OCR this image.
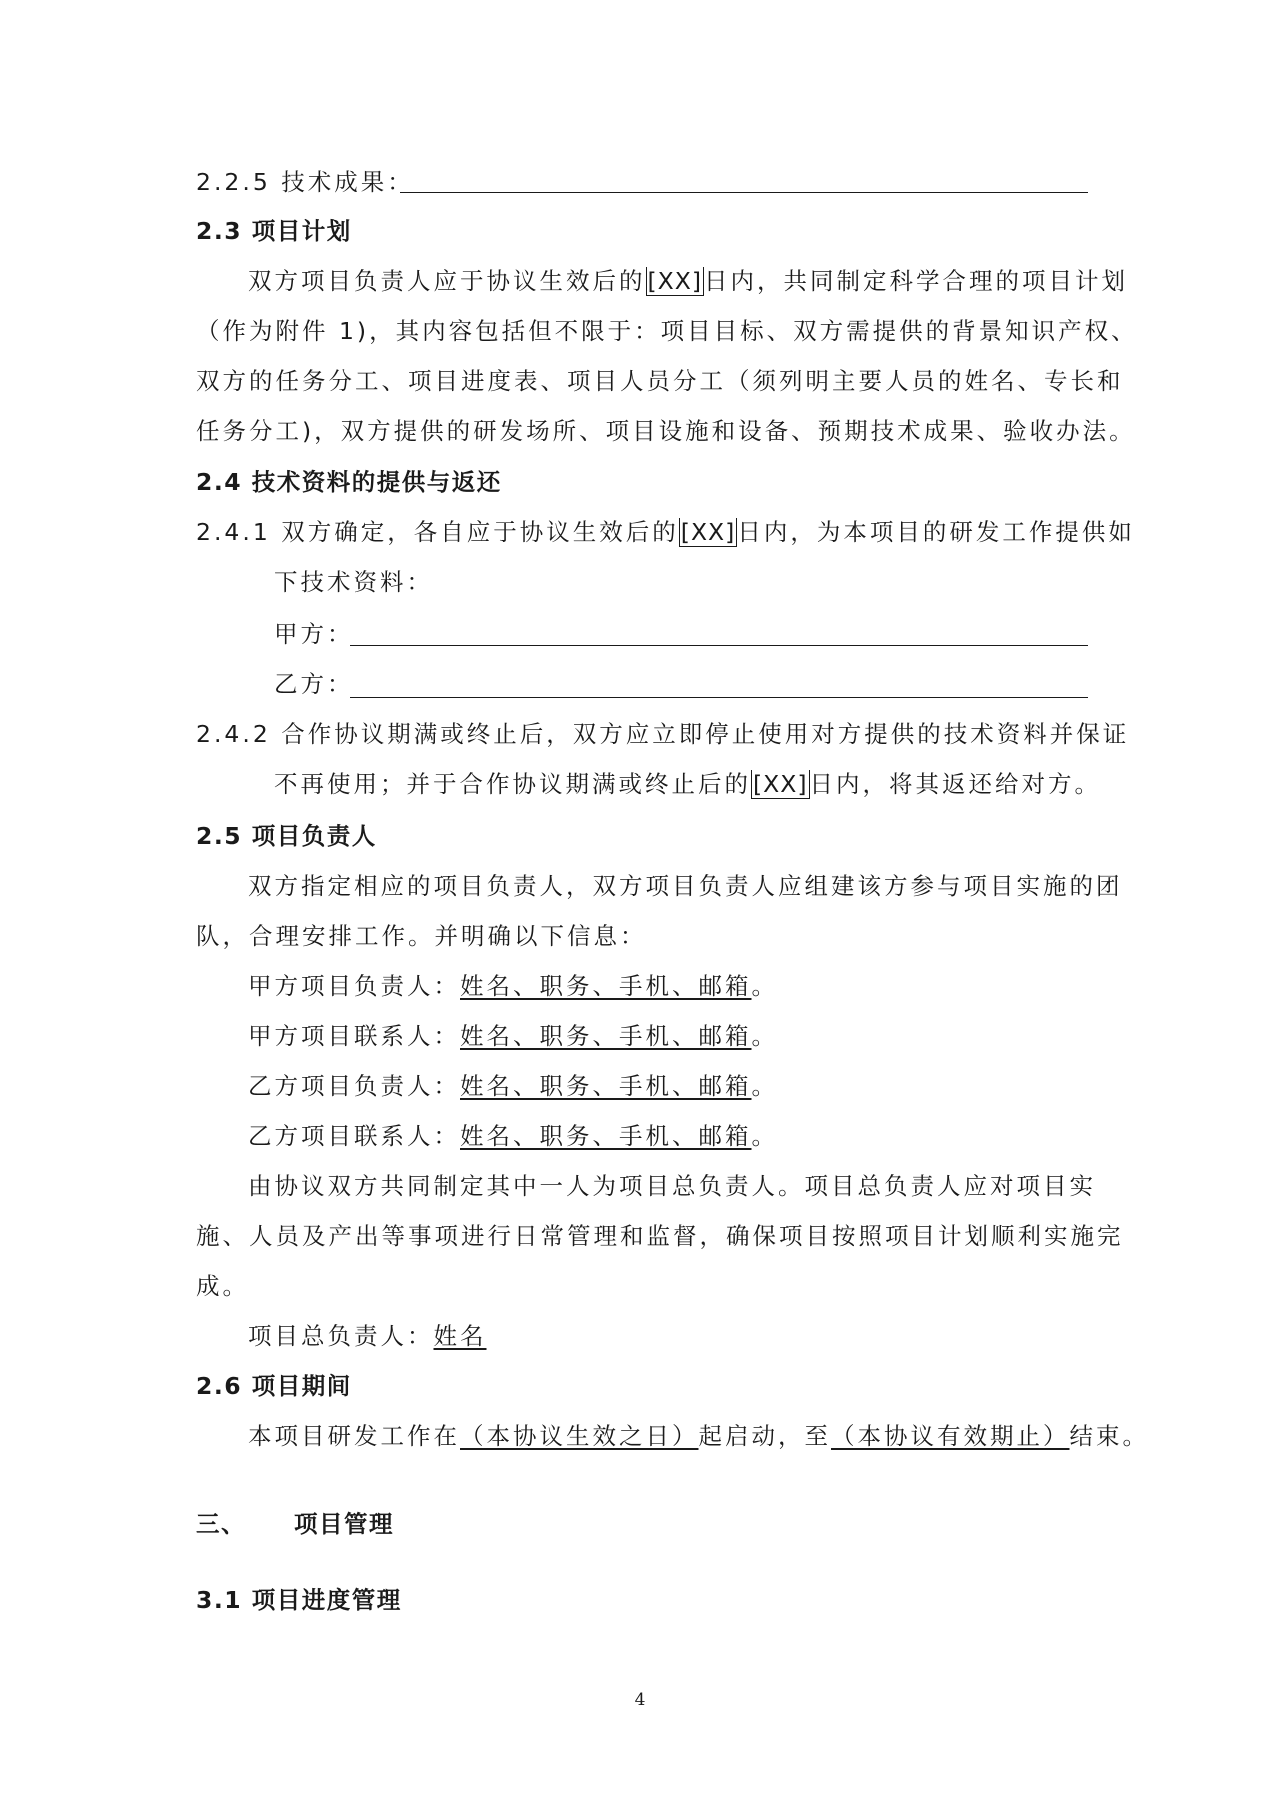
2.2.5 技术成果：
2.3 项目计划
双方项目负责人应于协议生效后的[XX]日内，共同制定科学合理的项目计划
（作为附件 1)，其内容包括但不限于：项目目标、双方需提供的背景知识产权、
双方的任务分工、项目进度表、项目人员分工（须列明主要人员的姓名、专长和
任务分工)，双方提供的研发场所、项目设施和设备、预期技术成果、验收办法。
2.4 技术资料的提供与返还
2.4.1 双方确定，各自应于协议生效后的[XX]日内，为本项目的研发工作提供如
下技术资料：
甲方：
乙方：
2.4.2 合作协议期满或终止后，双方应立即停止使用对方提供的技术资料并保证
不再使用；并于合作协议期满或终止后的[XX]日内，将其返还给对方。
2.5 项目负责人
双方指定相应的项目负责人，双方项目负责人应组建该方参与项目实施的团
队，合理安排工作。并明确以下信息：
甲方项目负责人：姓名、职务、手机、邮箱。
甲方项目联系人：姓名、职务、手机、邮箱。
乙方项目负责人：姓名、职务、手机、邮箱。
乙方项目联系人：姓名、职务、手机、邮箱。
由协议双方共同制定其中一人为项目总负责人。项目总负责人应对项目实
施、人员及产出等事项进行日常管理和监督，确保项目按照项目计划顺利实施完
成。
项目总负责人：姓名
2.6 项目期间
本项目研发工作在（本协议生效之日）起启动，至（本协议有效期止）结束。
三、 项目管理
3.1 项目进度管理
4
